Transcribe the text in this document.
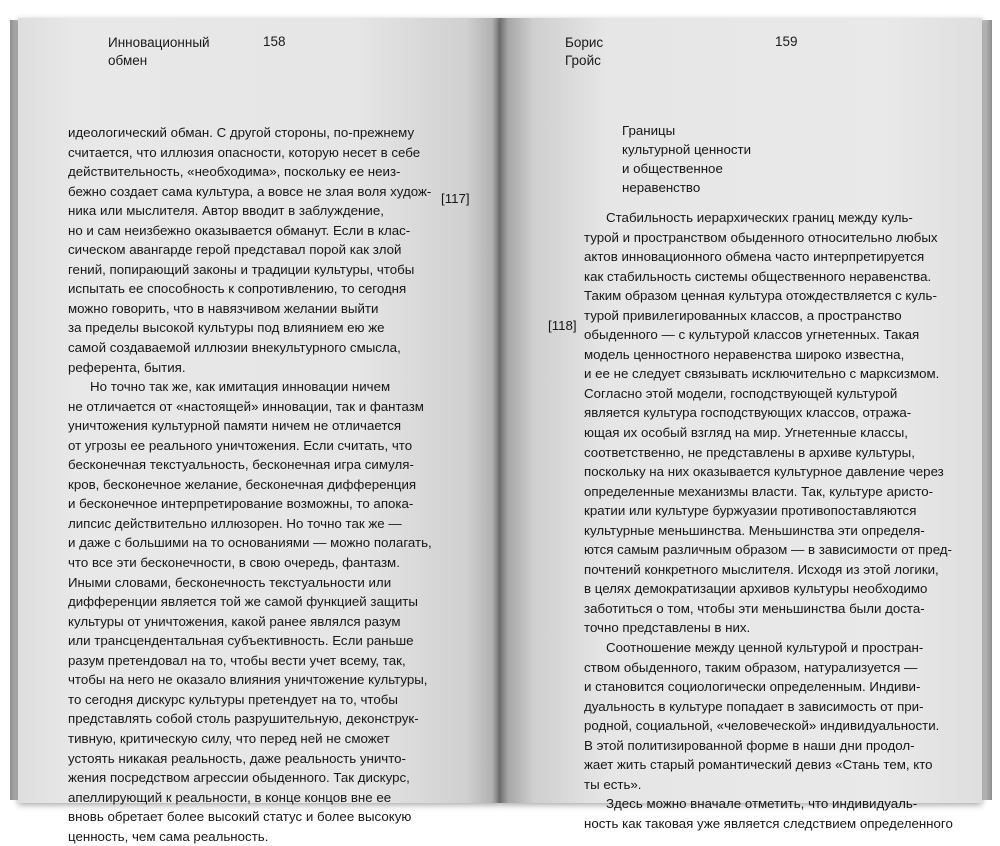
Инновационный
обмен
158
[117]
идеологический обман. С другой стороны, по-прежнему
считается, что иллюзия опасности, которую несет в себе
действительность, «необходима», поскольку ее неиз-
бежно создает сама культура, а вовсе не злая воля худож-
ника или мыслителя. Автор вводит в заблуждение,
но и сам неизбежно оказывается обманут. Если в клас-
сическом авангарде герой представал порой как злой
гений, попирающий законы и традиции культуры, чтобы
испытать ее способность к сопротивлению, то сегодня
можно говорить, что в навязчивом желании выйти
за пределы высокой культуры под влиянием ею же
самой создаваемой иллюзии внекультурного смысла,
референта, бытия.
Но точно так же, как имитация инновации ничем
не отличается от «настоящей» инновации, так и фантазм
уничтожения культурной памяти ничем не отличается
от угрозы ее реального уничтожения. Если считать, что
бесконечная текстуальность, бесконечная игра симуля-
кров, бесконечное желание, бесконечная дифференция
и бесконечное интерпретирование возможны, то апока-
липсис действительно иллюзорен. Но точно так же —
и даже с большими на то основаниями — можно полагать,
что все эти бесконечности, в свою очередь, фантазм.
Иными словами, бесконечность текстуальности или
дифференции является той же самой функцией защиты
культуры от уничтожения, какой ранее являлся разум
или трансцендентальная субъективность. Если раньше
разум претендовал на то, чтобы вести учет всему, так,
чтобы на него не оказало влияния уничтожение культуры,
то сегодня дискурс культуры претендует на то, чтобы
представлять собой столь разрушительную, деконструк-
тивную, критическую силу, что перед ней не сможет
устоять никакая реальность, даже реальность уничто-
жения посредством агрессии обыденного. Так дискурс,
апеллирующий к реальности, в конце концов вне ее
вновь обретает более высокий статус и более высокую
ценность, чем сама реальность.
Борис
Гройс
159
Границы
культурной ценности
и общественное
неравенство
[118]
Стабильность иерархических границ между куль-
турой и пространством обыденного относительно любых
актов инновационного обмена часто интерпретируется
как стабильность системы общественного неравенства.
Таким образом ценная культура отождествляется с куль-
турой привилегированных классов, а пространство
обыденного — с культурой классов угнетенных. Такая
модель ценностного неравенства широко известна,
и ее не следует связывать исключительно с марксизмом.
Согласно этой модели, господствующей культурой
является культура господствующих классов, отража-
ющая их особый взгляд на мир. Угнетенные классы,
соответственно, не представлены в архиве культуры,
поскольку на них оказывается культурное давление через
определенные механизмы власти. Так, культуре аристо-
кратии или культуре буржуазии противопоставляются
культурные меньшинства. Меньшинства эти определя-
ются самым различным образом — в зависимости от пред-
почтений конкретного мыслителя. Исходя из этой логики,
в целях демократизации архивов культуры необходимо
заботиться о том, чтобы эти меньшинства были доста-
точно представлены в них.
Соотношение между ценной культурой и простран-
ством обыденного, таким образом, натурализуется —
и становится социологически определенным. Индиви-
дуальность в культуре попадает в зависимость от при-
родной, социальной, «человеческой» индивидуальности.
В этой политизированной форме в наши дни продол-
жает жить старый романтический девиз «Стань тем, кто
ты есть».
Здесь можно вначале отметить, что индивидуаль-
ность как таковая уже является следствием определенного
